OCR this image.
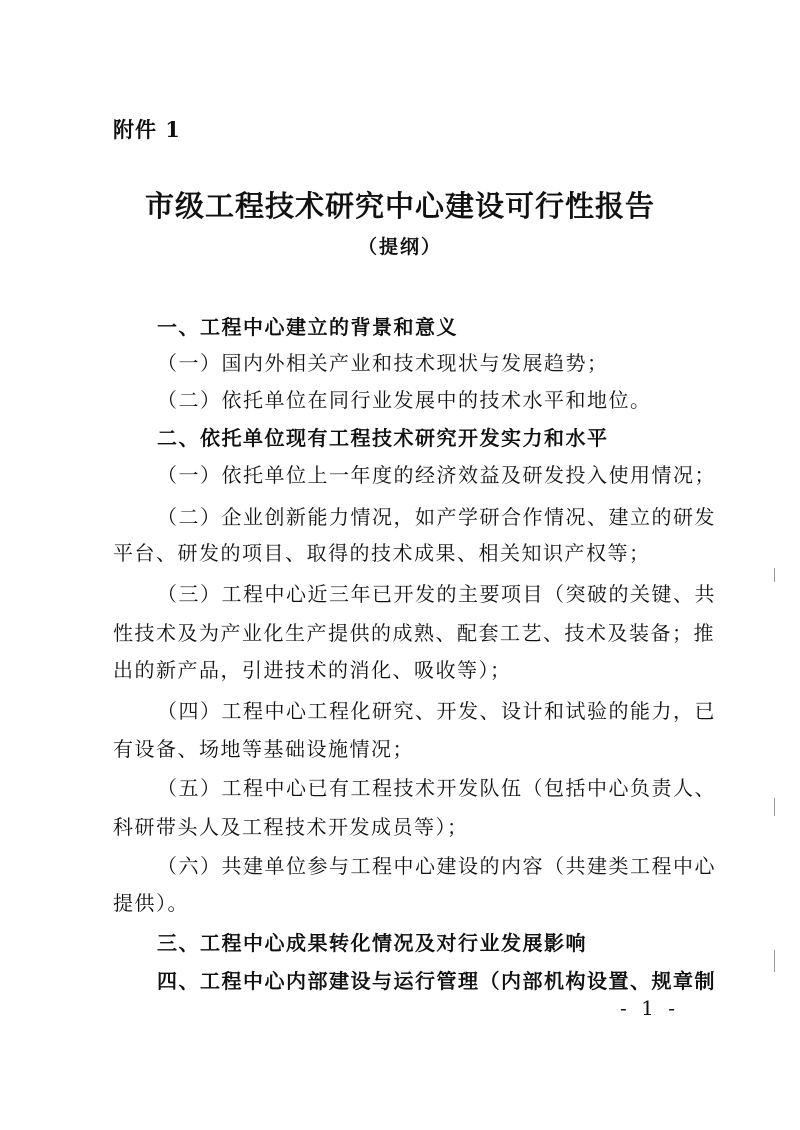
附件 1
市级工程技术研究中心建设可行性报告
（提纲）
一、工程中心建立的背景和意义
（一）国内外相关产业和技术现状与发展趋势；
（二）依托单位在同行业发展中的技术水平和地位。
二、依托单位现有工程技术研究开发实力和水平
（一）依托单位上一年度的经济效益及研发投入使用情况；
（二）企业创新能力情况，如产学研合作情况、建立的研发
平台、研发的项目、取得的技术成果、相关知识产权等；
（三）工程中心近三年已开发的主要项目（突破的关键、共
性技术及为产业化生产提供的成熟、配套工艺、技术及装备；推
出的新产品，引进技术的消化、吸收等）；
（四）工程中心工程化研究、开发、设计和试验的能力，已
有设备、场地等基础设施情况；
（五）工程中心已有工程技术开发队伍（包括中心负责人、
科研带头人及工程技术开发成员等）；
（六）共建单位参与工程中心建设的内容（共建类工程中心
提供）。
三、工程中心成果转化情况及对行业发展影响
四、工程中心内部建设与运行管理（内部机构设置、规章制
- 1 -
